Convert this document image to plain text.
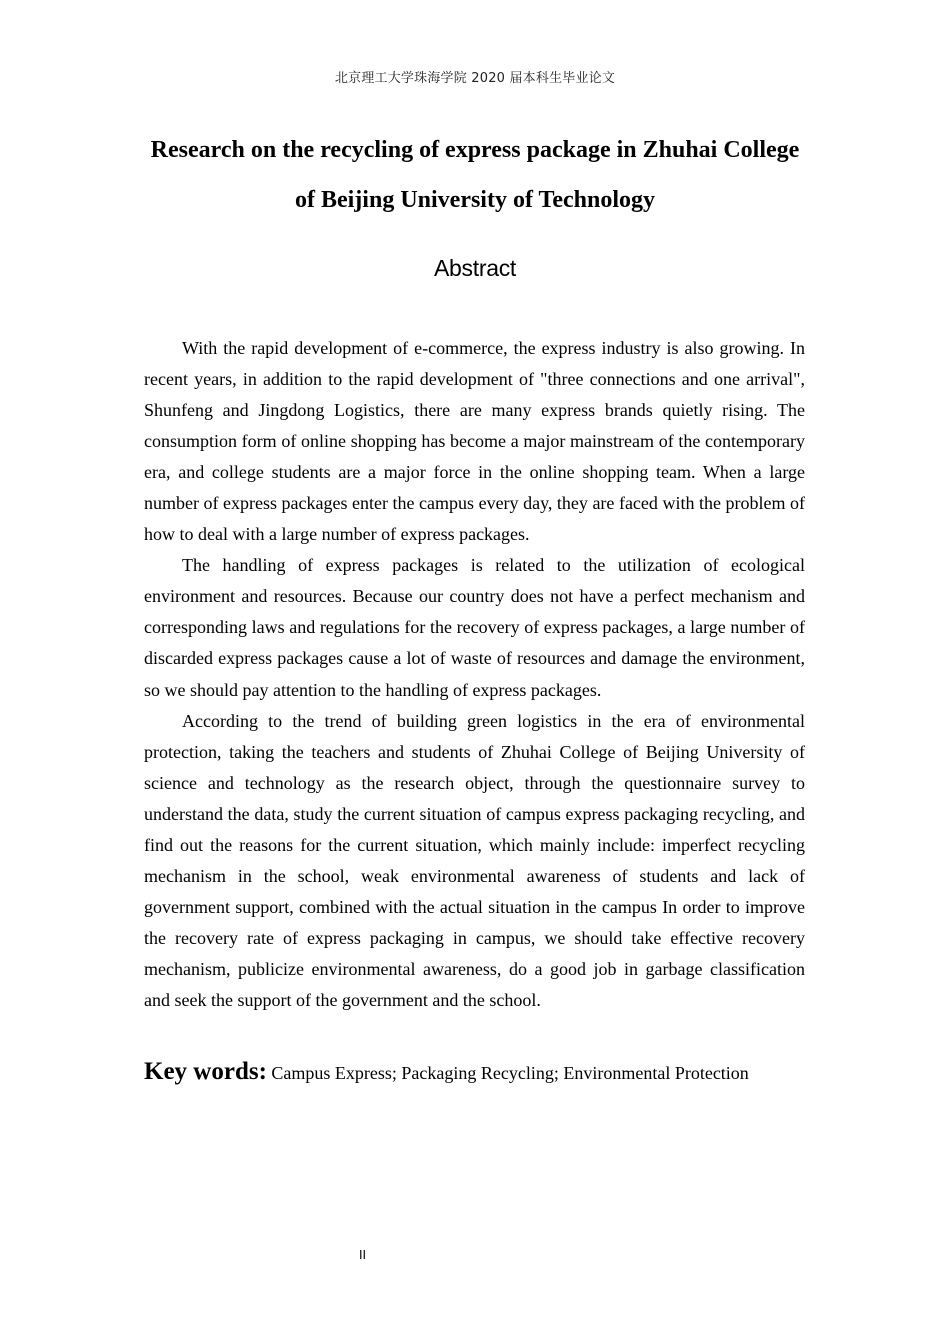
北京理工大学珠海学院 2020 届本科生毕业论文
Research on the recycling of express package in Zhuhai College
of Beijing University of Technology
Abstract

With the rapid development of e-commerce, the express industry is also growing. In recent years, in addition to the rapid development of "three connections and one arrival", Shunfeng and Jingdong Logistics, there are many express brands quietly rising. The consumption form of online shopping has become a major mainstream of the contemporary era, and college students are a major force in the online shopping team. When a large number of express packages enter the campus every day, they are faced with the problem of how to deal with a large number of express packages.

The handling of express packages is related to the utilization of ecological environment and resources. Because our country does not have a perfect mechanism and corresponding laws and regulations for the recovery of express packages, a large number of discarded express packages cause a lot of waste of resources and damage the environment, so we should pay attention to the handling of express packages.

According to the trend of building green logistics in the era of environmental protection, taking the teachers and students of Zhuhai College of Beijing University of science and technology as the research object, through the questionnaire survey to understand the data, study the current situation of campus express packaging recycling, and find out the reasons for the current situation, which mainly include: imperfect recycling mechanism in the school, weak environmental awareness of students and lack of government support, combined with the actual situation in the campus In order to improve the recovery rate of express packaging in campus, we should take effective recovery mechanism, publicize environmental awareness, do a good job in garbage classification and seek the support of the government and the school.

Key words: Campus Express; Packaging Recycling; Environmental Protection
II
